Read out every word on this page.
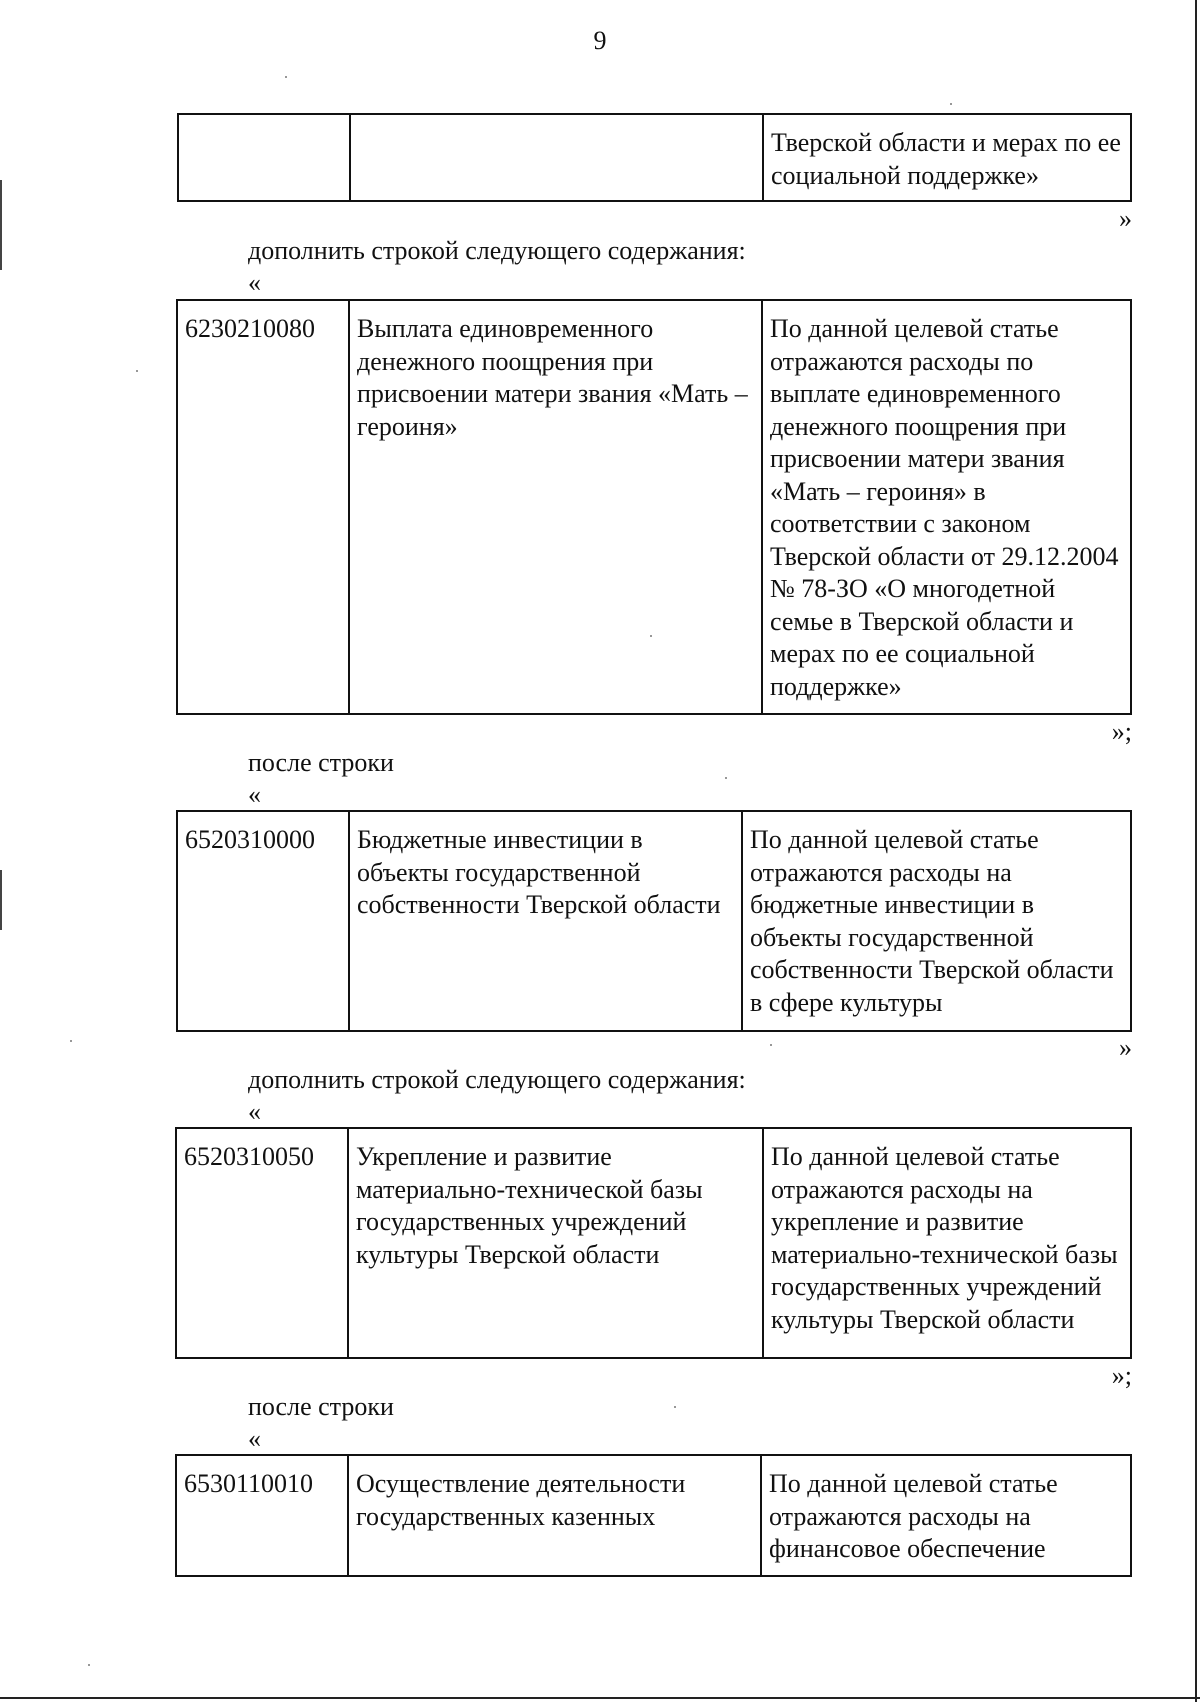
9
		Тверской области и мерах по ее социальной поддержке»
»
дополнить строкой следующего содержания:
«
6230210080	Выплата единовременного денежного поощрения при присвоении матери звания «Мать – героиня»	По данной целевой статье отражаются расходы по выплате единовременного денежного поощрения при присвоении матери звания «Мать – героиня» в соответствии с законом Тверской области от 29.12.2004 № 78-ЗО «О многодетной семье в Тверской области и мерах по ее социальной поддержке»
»;
после строки
«
6520310000	Бюджетные инвестиции в объекты государственной собственности Тверской области	По данной целевой статье отражаются расходы на бюджетные инвестиции в объекты государственной собственности Тверской области в сфере культуры
»
дополнить строкой следующего содержания:
«
6520310050	Укрепление и развитие материально-технической базы государственных учреждений культуры Тверской области	По данной целевой статье отражаются расходы на укрепление и развитие материально-технической базы государственных учреждений культуры Тверской области
»;
после строки
«
6530110010	Осуществление деятельности государственных казенных	По данной целевой статье отражаются расходы на финансовое обеспечение
